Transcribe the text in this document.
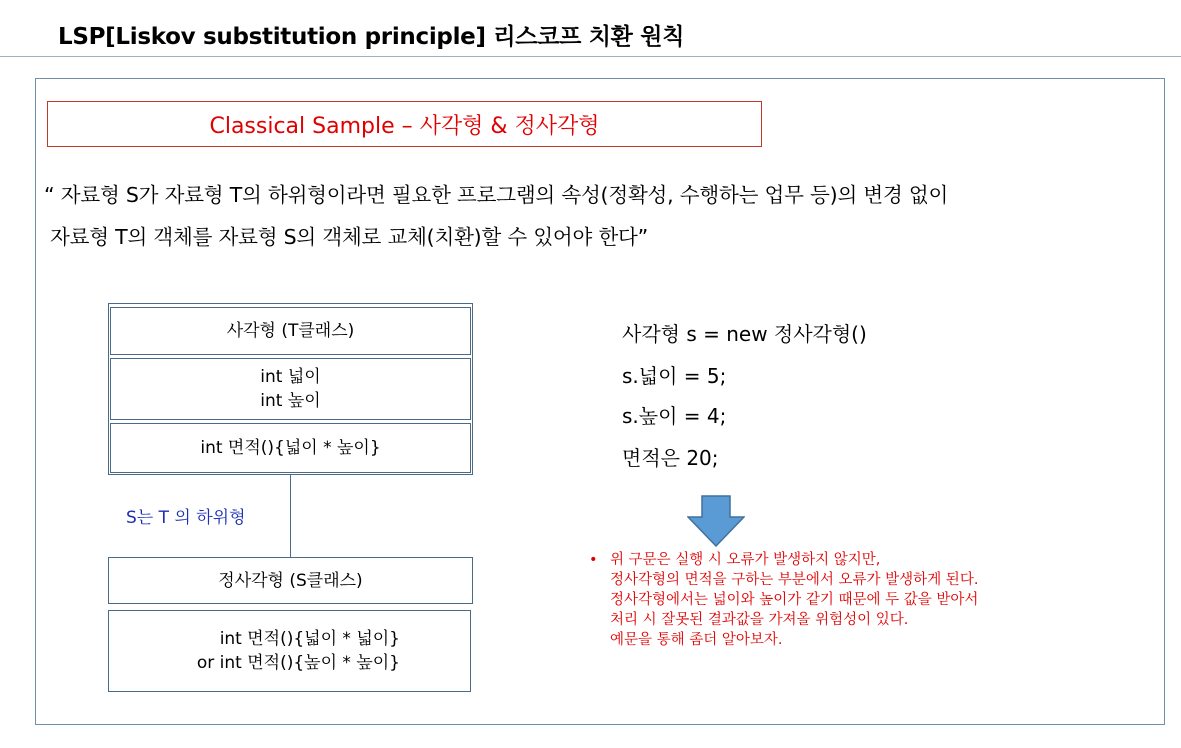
LSP[Liskov substitution principle] 리스코프 치환 원칙
Classical Sample – 사각형 & 정사각형
“ 자료형 S가 자료형 T의 하위형이라면 필요한 프로그램의 속성(정확성, 수행하는 업무 등)의 변경 없이
자료형 T의 객체를 자료형 S의 객체로 교체(치환)할 수 있어야 한다”
사각형 (T클래스)
int 넓이
int 높이
int 면적(){넓이 * 높이}
S는 T 의 하위형
정사각형 (S클래스)
int 면적(){넓이 * 넓이}
or int 면적(){높이 * 높이}
사각형 s = new 정사각형()
s.넓이 = 5;
s.높이 = 4;
면적은 20;
• 위 구문은 실행 시 오류가 발생하지 않지만,
정사각형의 면적을 구하는 부분에서 오류가 발생하게 된다.
정사각형에서는 넓이와 높이가 같기 때문에 두 값을 받아서
처리 시 잘못된 결과값을 가져올 위험성이 있다.
예문을 통해 좀더 알아보자.
